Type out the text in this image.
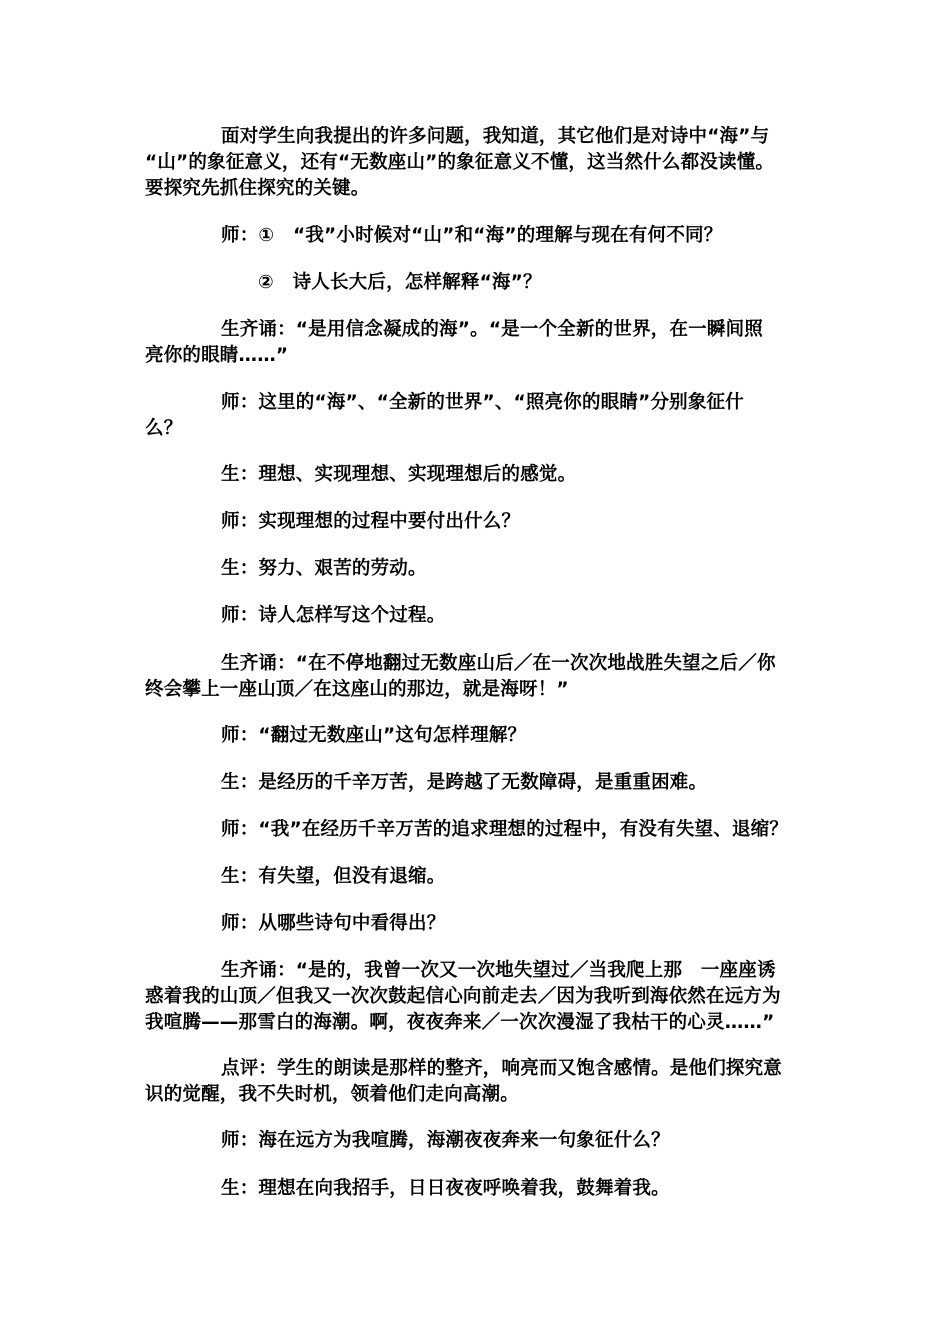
面对学生向我提出的许多问题，我知道，其它他们是对诗中“海”与
“山”的象征意义，还有“无数座山”的象征意义不懂，这当然什么都没读懂。
要探究先抓住探究的关键。
师：①　“我”小时候对“山”和“海”的理解与现在有何不同？
②　诗人长大后，怎样解释“海”？
生齐诵：“是用信念凝成的海”。“是一个全新的世界，在一瞬间照
亮你的眼睛……”
师：这里的“海”、“全新的世界”、“照亮你的眼睛”分别象征什
么？
生：理想、实现理想、实现理想后的感觉。
师：实现理想的过程中要付出什么？
生：努力、艰苦的劳动。
师：诗人怎样写这个过程。
生齐诵：“在不停地翻过无数座山后／在一次次地战胜失望之后／你
终会攀上一座山顶／在这座山的那边，就是海呀！”
师：“翻过无数座山”这句怎样理解？
生：是经历的千辛万苦，是跨越了无数障碍，是重重困难。
师：“我”在经历千辛万苦的追求理想的过程中，有没有失望、退缩？
生：有失望，但没有退缩。
师：从哪些诗句中看得出？
生齐诵：“是的，我曾一次又一次地失望过／当我爬上那　一座座诱
惑着我的山顶／但我又一次次鼓起信心向前走去／因为我听到海依然在远方为
我喧腾——那雪白的海潮。啊，夜夜奔来／一次次漫湿了我枯干的心灵……”
点评：学生的朗读是那样的整齐，响亮而又饱含感情。是他们探究意
识的觉醒，我不失时机，领着他们走向高潮。
师：海在远方为我喧腾，海潮夜夜奔来一句象征什么？
生：理想在向我招手，日日夜夜呼唤着我，鼓舞着我。
